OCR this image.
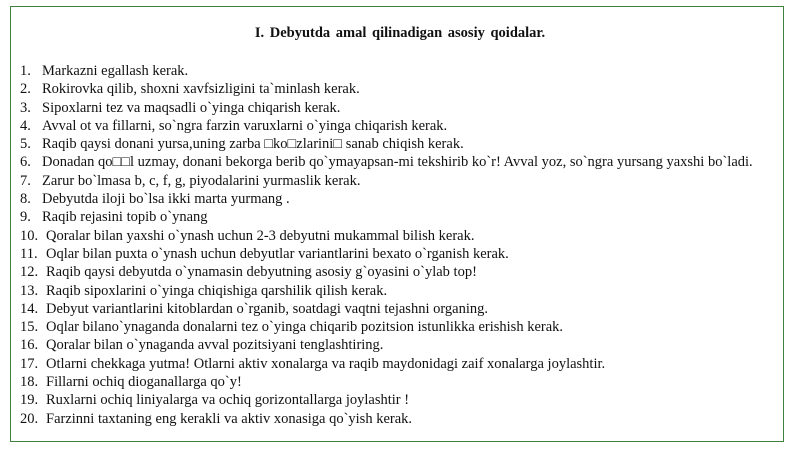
I. Debyutda amal qilinadigan asosiy qoidalar.
1. Markazni egallash kerak.
2. Rokirovka qilib, shoxni xavfsizligini ta`minlash kerak.
3. Sipoxlarni tez va maqsadli o`yinga chiqarish kerak.
4. Avval ot va fillarni, so`ngra farzin varuxlarni o`yinga chiqarish kerak.
5. Raqib qaysi donani yursa,uning zarba □ko□zlarini□ sanab chiqish kerak.
6. Donadan qo□□l uzmay, donani bekorga berib qo`ymayapsan-mi tekshirib ko`r! Avval yoz, so`ngra yursang yaxshi bo`ladi.
7. Zarur bo`lmasa b, c, f, g, piyodalarini yurmaslik kerak.
8. Debyutda iloji bo`lsa ikki marta yurmang .
9. Raqib rejasini topib o`ynang
10. Qoralar bilan yaxshi o`ynash uchun 2-3 debyutni mukammal bilish kerak.
11. Oqlar bilan puxta o`ynash uchun debyutlar variantlarini bexato o`rganish kerak.
12. Raqib qaysi debyutda o`ynamasin debyutning asosiy g`oyasini o`ylab top!
13. Raqib sipoxlarini o`yinga chiqishiga qarshilik qilish kerak.
14. Debyut variantlarini kitoblardan o`rganib, soatdagi vaqtni tejashni organing.
15. Oqlar bilano`ynaganda donalarni tez o`yinga chiqarib pozitsion istunlikka erishish kerak.
16. Qoralar bilan o`ynaganda avval pozitsiyani tenglashtiring.
17. Otlarni chekkaga yutma! Otlarni aktiv xonalarga va raqib maydonidagi zaif xonalarga joylashtir.
18. Fillarni ochiq dioganallarga qo`y!
19. Ruxlarni ochiq liniyalarga va ochiq gorizontallarga joylashtir !
20. Farzinni taxtaning eng kerakli va aktiv xonasiga qo`yish kerak.
